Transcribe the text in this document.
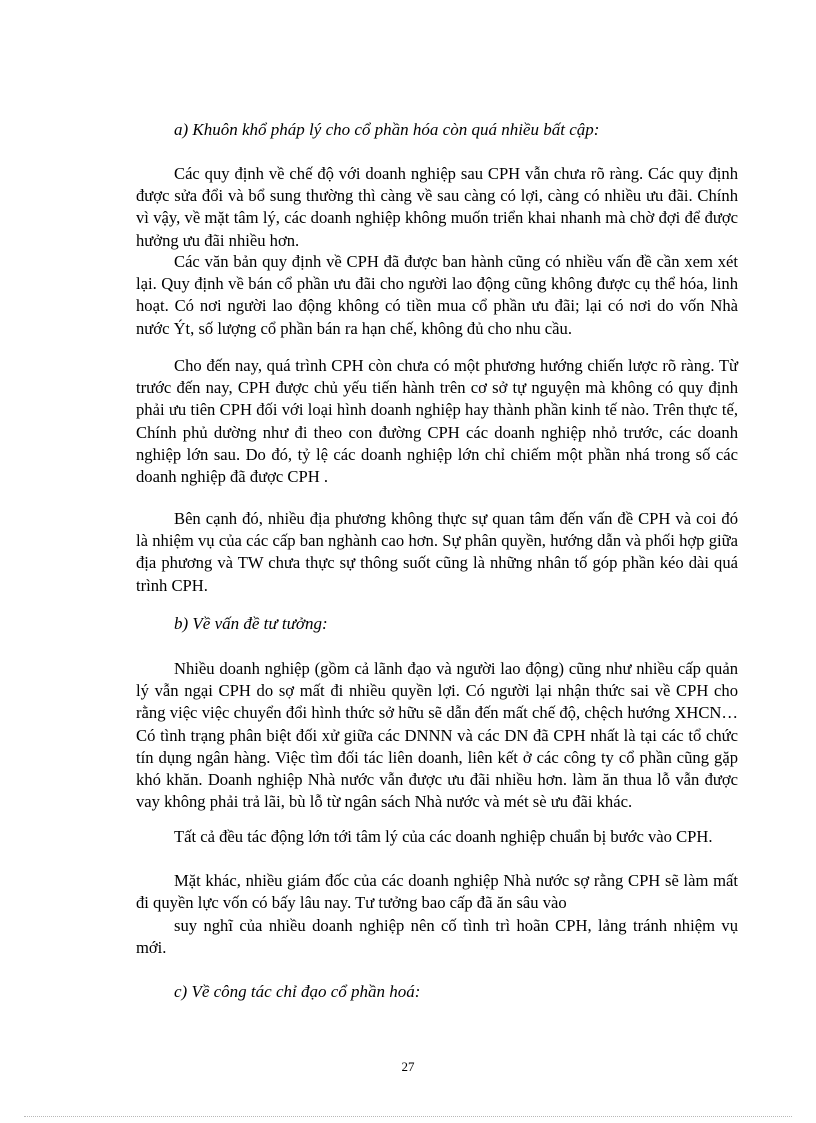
a) Khuôn khổ pháp lý cho cổ phần hóa còn quá nhiều bất cập:

Các quy định về chế độ với doanh nghiệp sau CPH vẫn chưa rõ ràng. Các quy định được sửa đổi và bổ sung thường thì càng về sau càng có lợi, càng có nhiều ưu đãi. Chính vì vậy, về mặt tâm lý, các doanh nghiệp không muốn triển khai nhanh mà chờ đợi để được hưởng ưu đãi nhiều hơn.

Các văn bản quy định về CPH đã được ban hành cũng có nhiều vấn đề cần xem xét lại. Quy định về bán cổ phần ưu đãi cho người lao động cũng không được cụ thể hóa, linh hoạt. Có nơi người lao động không có tiền mua cổ phần ưu đãi; lại có nơi do vốn Nhà nước Ýt, số lượng cổ phần bán ra hạn chế, không đủ cho nhu cầu.

Cho đến nay, quá trình CPH còn chưa có một phương hướng chiến lược rõ ràng. Từ trước đến nay, CPH được chủ yếu tiến hành trên cơ sở tự nguyện mà không có quy định phải ưu tiên CPH đối với loại hình doanh nghiệp hay thành phần kinh tế nào. Trên thực tế, Chính phủ dường như đi theo con đường CPH các doanh nghiệp nhỏ trước, các doanh nghiệp lớn sau. Do đó, tỷ lệ các doanh nghiệp lớn chỉ chiếm một phần nhá trong số các doanh nghiệp đã được CPH .

Bên cạnh đó, nhiều địa phương không thực sự quan tâm đến vấn đề CPH và coi đó là nhiệm vụ của các cấp ban nghành cao hơn. Sự phân quyền, hướng dẫn và phối hợp giữa địa phương và TW chưa thực sự thông suốt cũng là những nhân tố góp phần kéo dài quá trình CPH.

b) Về vấn đề tư tưởng:

Nhiều doanh nghiệp (gồm cả lãnh đạo và người lao động) cũng như nhiều cấp quản lý vẫn ngại CPH do sợ mất đi nhiều quyền lợi. Có người lại nhận thức sai về CPH cho rằng việc việc chuyển đổi hình thức sở hữu sẽ dẫn đến mất chế độ, chệch hướng XHCN…Có tình trạng phân biệt đối xử giữa các DNNN và các DN đã CPH nhất là tại các tổ chức tín dụng ngân hàng. Việc tìm đối tác liên doanh, liên kết ở các công ty cổ phần cũng gặp khó khăn. Doanh nghiệp Nhà nước vẫn được ưu đãi nhiều hơn. làm ăn thua lỗ vẫn được vay không phải trả lãi, bù lỗ từ ngân sách Nhà nước và mét sè ưu đãi khác.

Tất cả đều tác động lớn tới tâm lý của các doanh nghiệp chuẩn bị bước vào CPH.

Mặt khác, nhiều giám đốc của các doanh nghiệp Nhà nước sợ rằng CPH sẽ làm mất đi quyền lực vốn có bấy lâu nay. Tư tưởng bao cấp đã ăn sâu vào

suy nghĩ của nhiều doanh nghiệp nên cố tình trì hoãn CPH, lảng tránh nhiệm vụ mới.

c) Về công tác chỉ đạo cổ phần hoá:
27
